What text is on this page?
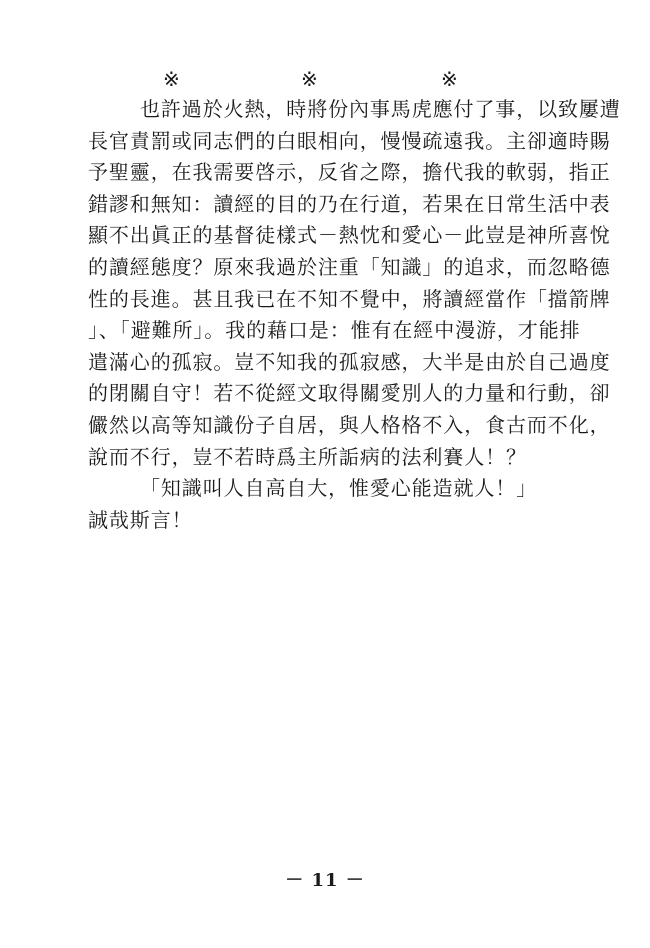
※	※	※
也許過於火熱，時將份內事馬虎應付了事，以致屢遭
長官責罰或同志們的白眼相向，慢慢疏遠我。主卻適時賜
予聖靈，在我需要啓示，反省之際，擔代我的軟弱，指正
錯謬和無知：讀經的目的乃在行道，若果在日常生活中表
顯不出眞正的基督徒樣式－熱忱和愛心－此豈是神所喜悅
的讀經態度？原來我過於注重「知識」的追求，而忽略德
性的長進。甚且我已在不知不覺中，將讀經當作「擋箭牌
」、「避難所」。我的藉口是：惟有在經中漫游，才能排
遣滿心的孤寂。豈不知我的孤寂感，大半是由於自己過度
的閉關自守！若不從經文取得關愛別人的力量和行動，卻
儼然以高等知識份子自居，與人格格不入，食古而不化，
說而不行，豈不若時爲主所詬病的法利賽人！？
「知識叫人自高自大，惟愛心能造就人！」
誠哉斯言！
－ 11 －
